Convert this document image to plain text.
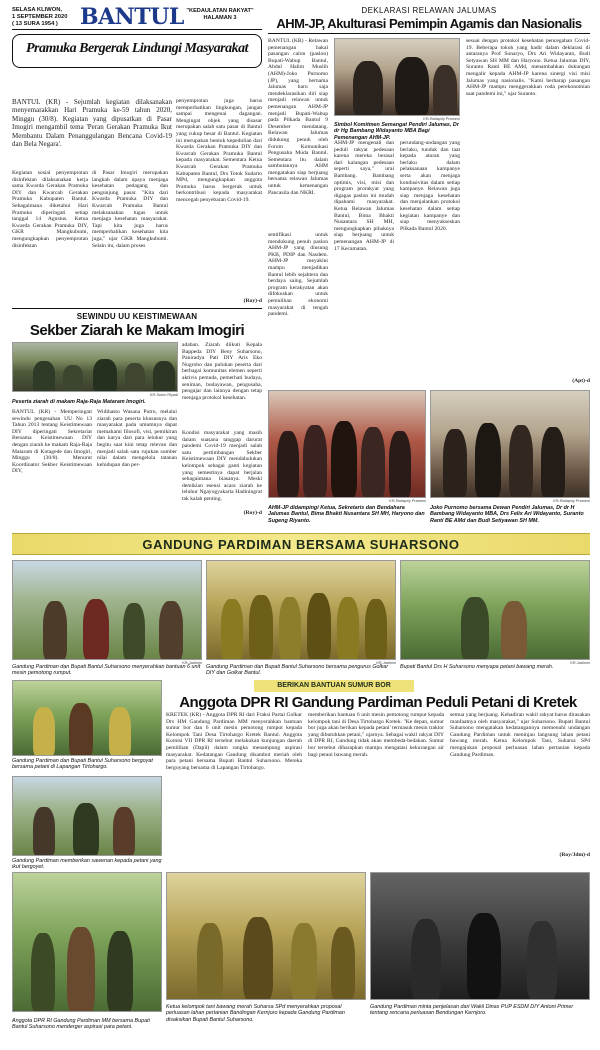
SELASA KLIWON,
1 SEPTEMBER 2020
( 13 SURA 1954 )	BANTUL "KEDAULATAN RAKYAT"
HALAMAN 3
Pramuka Bergerak Lindungi Masyarakat
BANTUL (KR) - Sejumlah kegiatan dilaksanakan menyemarakkan Hari Pramuka ke-59 tahun 2020, Minggu (30/8). Kegiatan yang dipusatkan di Pasar Imogiri mengambil tema 'Peran Gerakan Pramuka Ikut Membantu Dalam Penanggulangan Bencana Covid-19 dan Bela Negara'.
Kegiatan sosial penyemprotan disinfektan dilaksanakan kerja sama Kwarda Gerakan Pramuka DIY dan Kwarcab Gerakan Pramuka Kabupaten Bantul. Sebagaimana diketahui Hari Pramuka diperingati setiap tanggal 14 Agustus. Ketua Kwarda Gerakan Pramuka DIY, GKR Mangkubumi, mengungkapkan penyemprotan disinfektan
di Pasar Imogiri merupakan langkah dalam upaya menjaga kesehatan pedagang dan pengunjung pasar. "Kita dari Kwarda Pramuka DIY dan Kwarcab Pramuka Bantul melaksanakan tugas untuk menjaga kesehatan masyarakat. Tapi kita juga harus memperhatikan kesehatan kita juga," ujar GKR Mangkubumi. Selain itu, dalam proses
penyemprotan juga harus memperhatikan lingkungan, jangan sampai mengenai dagangan. Mengingat objek yang disasar merupakan salah satu pasar di Bantul yang cukup besar di Bantul. Kegiatan ini merupakan bentuk kepedulian dari Kwarda Gerakan Pramuka DIY dan Kwarcab Gerakan Pramuka Bantul kepada masyarakat. Sementara Ketua Kwarcab Gerakan Pramuka Kabupaten Bantul, Drs Totok Sudarto MPd, mengungkapkan anggota Pramuka harus bergerak untuk berkontribusi kepada masyarakat mencegah penyebaran Covid-19.
(Roy)-d
SEWINDU UU KEISTIMEWAAN
Sekber Ziarah ke Makam Imogiri
KR-Sukro Riyadi
Peserta ziarah di makam Raja-Raja Mataram Imogiri.
BANTUL (KR) - Memperingati sewindu pengesahan UU No 13 Tahun 2013 tentang Keistimewaan DIY diperingati Sekretariat Bersama Keistimewaan DIY dengan ziarah ke makam Raja-Raja Mataram di Kotagede dan Imogiri, Minggu (30/8). Menurut Koordinator Sekber Keistimewaan DIY,
Widihasto Wasana Putro, melalui ziarah para peserta khususnya dan masyarakat pada umumnya dapat memahami filosofi, visi, pemikiran dan karya dari para leluhur yang begitu saat kini tetap relevan dan menjadi salah satu rujukan sumber nilai dalam mengelola tatanan kehidupan dan per-
adaban. Ziarah diikuti Kepala Bappeda DIY Beny Suharsono, Paniradya Pati DIY Aris Eko Nugroho dan puluhan peserta dari berbagai komunitas elemen seperti aktivis pemuda, pemerhati budaya, seniman, budayawan, pengusaha, pengajar dan lainnya dengan tetap menjaga protokol kesehatan.
Kondisi masyarakat yang masih dalam suasana tanggap darurat pandemi Covid-19 menjadi salah satu pertimbangan Sekber Keistimewaan DIY mendahulukan kelompok sebagai ganti kegiatan yang semestinya dapat berjalan sebagaimana biasanya. Meski demikian esensi acara ziarah ke leluhur Ngayogyakarta Hadiningrat tak kalah penting.
(Roy)-d
DEKLARASI RELAWAN JALUMAS
AHM-JP, Akulturasi Pemimpin Agamis dan Nasionalis
BANTUL (KR) - Relawan pemenangan bakal pasangan calon (paslon) Bupati-Wabup Bantul, Abdul Halim Muslih (AHM)-Joko Purnomo (JP), yang bernama Jalumas baru saja mendeklarasikan diri siap menjadi relawan untuk pemenangan AHM-JP menjadi Bupati-Wabup pada Pilkada Bantul 9 Desember mendatang. Relawan Jalumas didukung penuh oleh Forum Komunikasi Pengusaha Muda Bantul. Sementara itu dalam sambutannya AHM mengatakan siap berjuang bersama relawan Jalumas untuk kemenangan Pancasila dan NKRI.
KR-Ratiapriy Prameni
Simbol Komitmen Semangat Pendiri Jalumas, Dr dr Hg Bambang Widayanto MBA Bagi Pemenangan AHM-JP.
sentifikasi untuk mendukung penuh paslon AHM-JP yang diusung PKB, PDIP dan Nasdem. AHM-JP meyakini mampu menjadikan Bantul lebih sejahtera dan berdaya saing. Sejumlah program kerakyatan akan difokuskan untuk pemulihan ekonomi masyarakat di tengah pandemi.
AHM-JP mengenali dan peduli rakyat pedesaan karena mereka berasal dari kalangan pedesaan seperti saya," urai Bambang. Bambang optimis, visi, misi dan program prorakyat yang digagas paslon ini mudah dipahami masyarakat. Ketua Relawan Jalumas Bantul, Bima Bhakti Nusantara SH MH, mengungkapkan pihaknya siap berjuang untuk pemenangan AHM-JP di 17 Kecamatan.
perundang-undangan yang berlaku, tunduk dan taat kepada aturan yang berlaku dalam pelaksanaan kampanye serta akan menjaga kondusivitas dalam setiap kampanye. Relawan juga siap menjaga kesehatan dan menjalankan protokol kesehatan dalam setiap kegiatan kampanye dan siap menyukseskan Pilkada Bantul 2020.
sesuai dengan protokol kesehatan pencegahan Covid-19. Beberapa tokoh yang hadir dalam deklarasi di antaranya Prof Sunaryo, Drs Ari Widayanto, Budi Setyawan SH MM dan Haryono. Ketua Jalumas DIY, Suranto Ranti BE AMd, menambahkan dukungan mengalir kepada AHM-JP karena sinergi visi misi Jalumas yang nasionalis. "Kami berharap pasangan AHM-JP mampu menggerakkan roda perekonomian saat pandemi ini," ujar Suranto.
(Apt)-d
KR-Ratiapriy Prameni	KR-Ratiapriy Prameni
AHM-JP didampingi Ketua, Sekretaris dan Bendahara Jalumas Bantul, Bima Bhakti Nusantara SH MH, Haryono dan Sugeng Riyanto.
Joko Purnomo bersama Dewan Pendiri Jalumas, Dr dr H Bambang Widayanto MBA, Drs Felix Ari Widayanto, Suranto Ranti BE AMd dan Budi Setiyawan SH MM.
GANDUNG PARDIMAN BERSAMA SUHARSONO
KR-Jadimin
Gandung Pardiman dan Bupati Bantul Suharsono menyerahkan bantuan 6 unit mesin pemotong rumput.
KR-Jadimin
Gandung Pardiman dan Bupati Bantul Suharsono bersama pengurus Golkar DIY dan Golkar Bantul.
KR-Jadimin
Bupati Bantul Drs H Suharsono menyapa petani bawang merah.
BERIKAN BANTUAN SUMUR BOR
Anggota DPR RI Gandung Pardiman Peduli Petani di Kretek
Gandung Pardiman dan Bupati Bantul Suharsono bergoyat bersama petani di Lapangan Tirtohargo.
Gandung Pardiman memberikan sawenan kepada petani yang ikut bergoyet.
KRETEK (KR) - Anggota DPR RI dari Fraksi Partai Golkar Drs HM Gandung Pardiman MM menyerahkan bantuan sumur bor dan 6 unit mesin pemotong rumput kepada Kelompok Tani Desa Tirtohargo Kretek Bantul. Anggota Komisi VII DPR RI tersebut melakukan kunjungan daerah pemilihan (Dapil) dalam rangka menampung aspirasi masyarakat. Kedatangan Gandung disambut meriah oleh para petani bersama Bupati Bantul Suharsono. Mereka bergoyang bersama di Lapangan Tirtohargo.
memberikan bantuan 6 unit mesin pemotong rumput kepada kelompok tani di Desa Tirtohargo Kretek. "Ke depan, sumur bor juga akan berikan kepada petani' termasuk mesin traktor yang dibutuhkan petani," ujarnya. Sebagai wakil rakyat DIY di DPR RI, Gandung tidak akan membeda-bedakan. Sumur bor tersebut diharapkan mampu mengatasi kekurangan air bagi petani bawang merah.
semua yang berjuang. Kehadiran wakil rakyat harus dirasakan manfaatnya oleh masyarakat," ujar Suharsono. Bupati Bantul Suharsono mengatakan kedatangannya memenuhi undangan Gandung Pardiman untuk meninjau langsung lahan petani bawang merah. Ketua Kelompok Tani, Suharsa SPd mengajukan proposal perluasan lahan pertanian kepada Gandung Pardiman.
(Roy/Jdm)-d
Anggota DPR RI Gandung Pardiman MM bersama Bupati Bantul Suharsono menderger aspirasi para petani.
Ketua kelompok tani bawang merah Suharsa SPd menyerahkan proposal perluasan lahan pertanian Bandingan Kernjoro kepada Gandung Pardiman disaksikan Bupati Bantul Suharsono.
Gandung Pardiman minta penjelasan dari Wakil Dinas PUP ESDM DIY Antoni Primer tentang rencana perluasan Bendungan Kernjoro.
